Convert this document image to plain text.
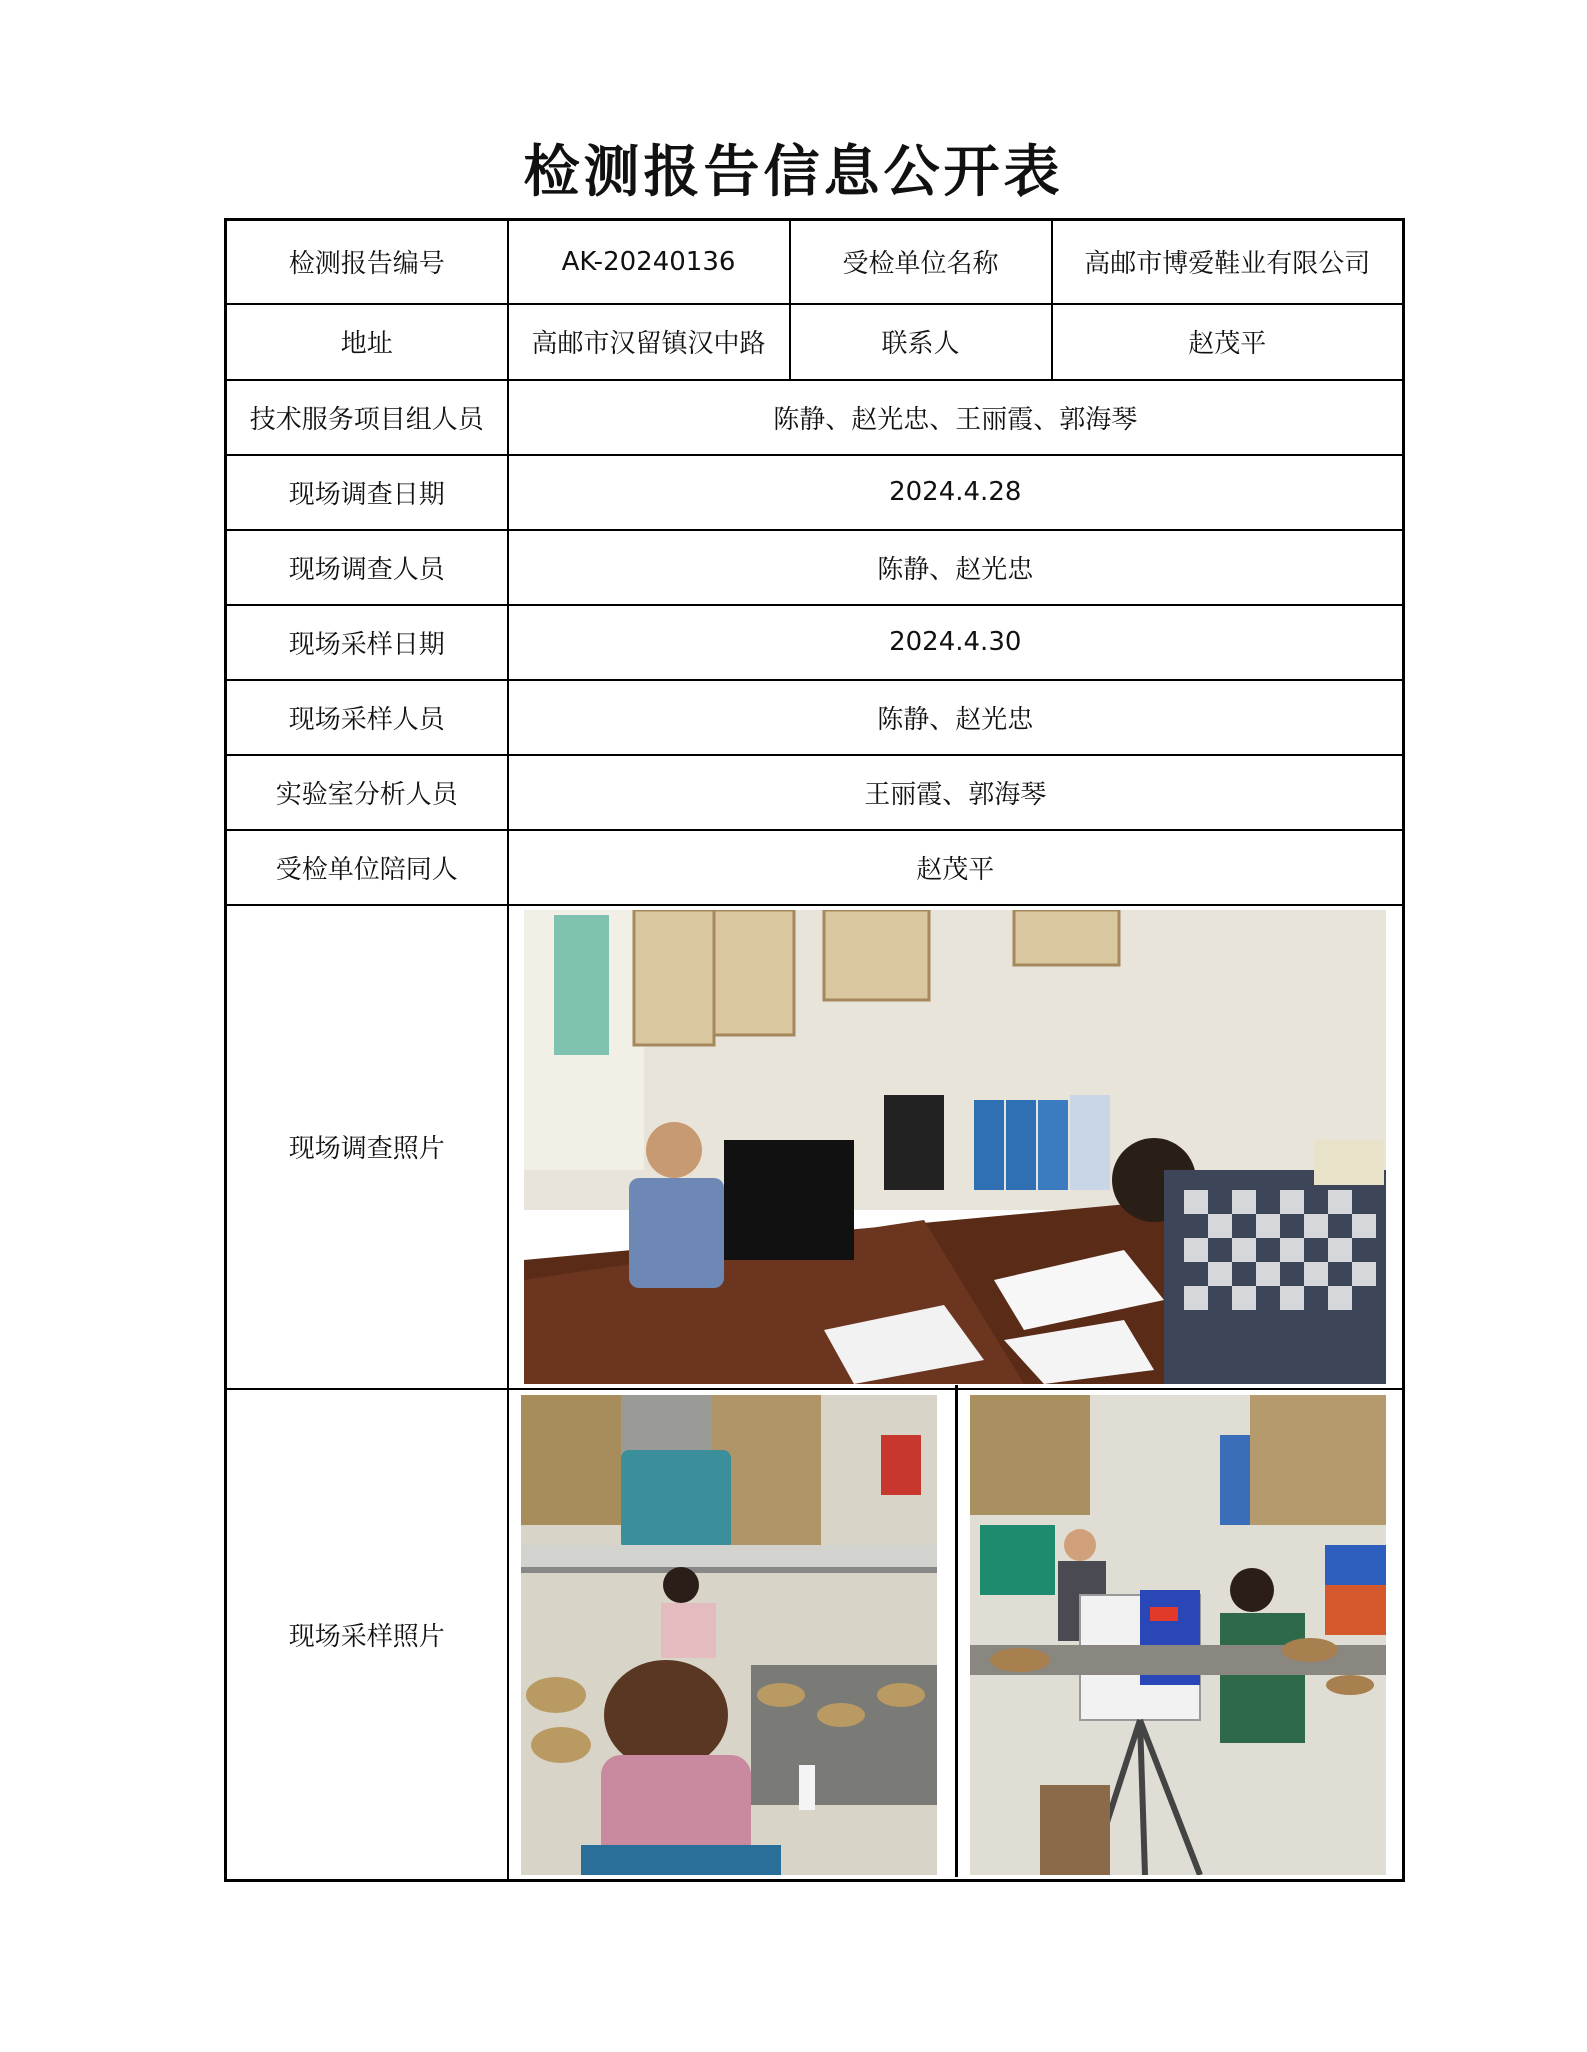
检测报告信息公开表
检测报告编号	AK-20240136	受检单位名称	高邮市博爱鞋业有限公司
地址	高邮市汉留镇汉中路	联系人	赵茂平
技术服务项目组人员	陈静、赵光忠、王丽霞、郭海琴		
现场调查日期	2024.4.28		
现场调查人员	陈静、赵光忠		
现场采样日期	2024.4.30		
现场采样人员	陈静、赵光忠		
实验室分析人员	王丽霞、郭海琴		
受检单位陪同人	赵茂平		
现场调查照片	

现场采样照片	
